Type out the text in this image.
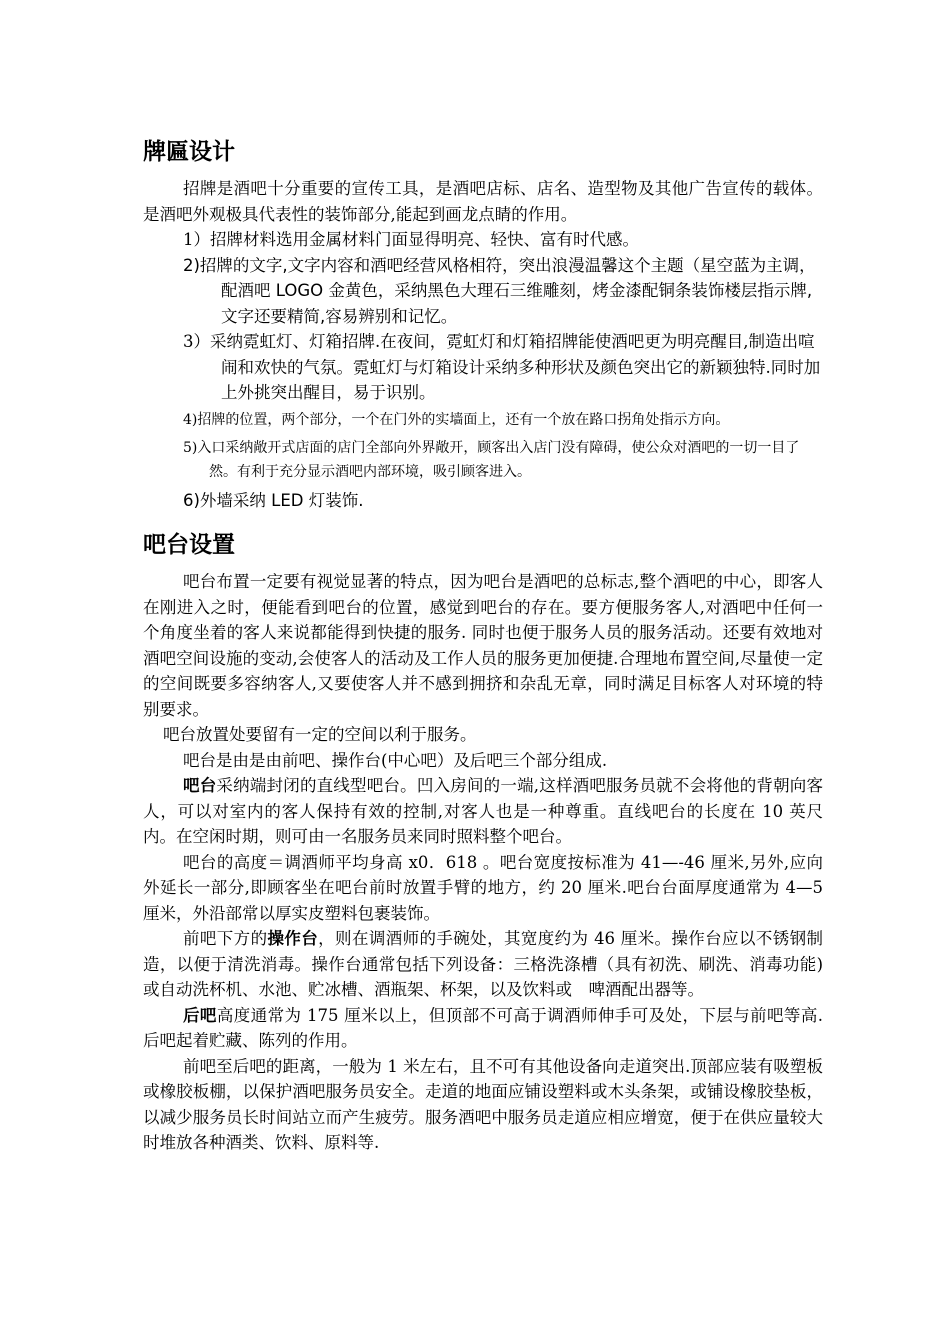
牌匾设计

招牌是酒吧十分重要的宣传工具，是酒吧店标、店名、造型物及其他广告宣传的载体。是酒吧外观极具代表性的装饰部分,能起到画龙点睛的作用。

1）招牌材料选用金属材料门面显得明亮、轻快、富有时代感。

2)招牌的文字,文字内容和酒吧经营风格相符，突出浪漫温馨这个主题（星空蓝为主调，配酒吧 LOGO 金黄色，采纳黑色大理石三维雕刻，烤金漆配铜条装饰楼层指示牌,文字还要精简,容易辨别和记忆。

3）采纳霓虹灯、灯箱招牌.在夜间，霓虹灯和灯箱招牌能使酒吧更为明亮醒目,制造出喧闹和欢快的气氛。霓虹灯与灯箱设计采纳多种形状及颜色突出它的新颖独特.同时加上外挑突出醒目，易于识别。

4)招牌的位置，两个部分，一个在门外的实墙面上，还有一个放在路口拐角处指示方向。

5)入口采纳敞开式店面的店门全部向外界敞开，顾客出入店门没有障碍，使公众对酒吧的一切一目了然。有利于充分显示酒吧内部环境，吸引顾客进入。

6)外墙采纳 LED 灯装饰.

吧台设置

吧台布置一定要有视觉显著的特点，因为吧台是酒吧的总标志,整个酒吧的中心，即客人在刚进入之时，便能看到吧台的位置，感觉到吧台的存在。要方便服务客人,对酒吧中任何一个角度坐着的客人来说都能得到快捷的服务. 同时也便于服务人员的服务活动。还要有效地对酒吧空间设施的变动,会使客人的活动及工作人员的服务更加便捷.合理地布置空间,尽量使一定的空间既要多容纳客人,又要使客人并不感到拥挤和杂乱无章，同时满足目标客人对环境的特别要求。

吧台放置处要留有一定的空间以利于服务。

吧台是由是由前吧、操作台(中心吧）及后吧三个部分组成.

吧台采纳端封闭的直线型吧台。凹入房间的一端,这样酒吧服务员就不会将他的背朝向客人，可以对室内的客人保持有效的控制,对客人也是一种尊重。直线吧台的长度在 10 英尺内。在空闲时期，则可由一名服务员来同时照料整个吧台。

吧台的高度＝调酒师平均身高 x0．618 。吧台宽度按标准为 41—-46 厘米,另外,应向外延长一部分,即顾客坐在吧台前时放置手臂的地方，约 20 厘米.吧台台面厚度通常为 4—5 厘米，外沿部常以厚实皮塑料包裹装饰。

前吧下方的操作台，则在调酒师的手碗处，其宽度约为 46 厘米。操作台应以不锈钢制造，以便于清洗消毒。操作台通常包括下列设备：三格洗涤槽（具有初洗、刷洗、消毒功能)或自动洗杯机、水池、贮冰槽、酒瓶架、杯架，以及饮料或　啤酒配出器等。

后吧高度通常为 175 厘米以上，但顶部不可高于调酒师伸手可及处，下层与前吧等高.后吧起着贮藏、陈列的作用。

前吧至后吧的距离，一般为 1 米左右，且不可有其他设备向走道突出.顶部应装有吸塑板或橡胶板棚，以保护酒吧服务员安全。走道的地面应铺设塑料或木头条架，或铺设橡胶垫板，以减少服务员长时间站立而产生疲劳。服务酒吧中服务员走道应相应增宽，便于在供应量较大时堆放各种酒类、饮料、原料等.
